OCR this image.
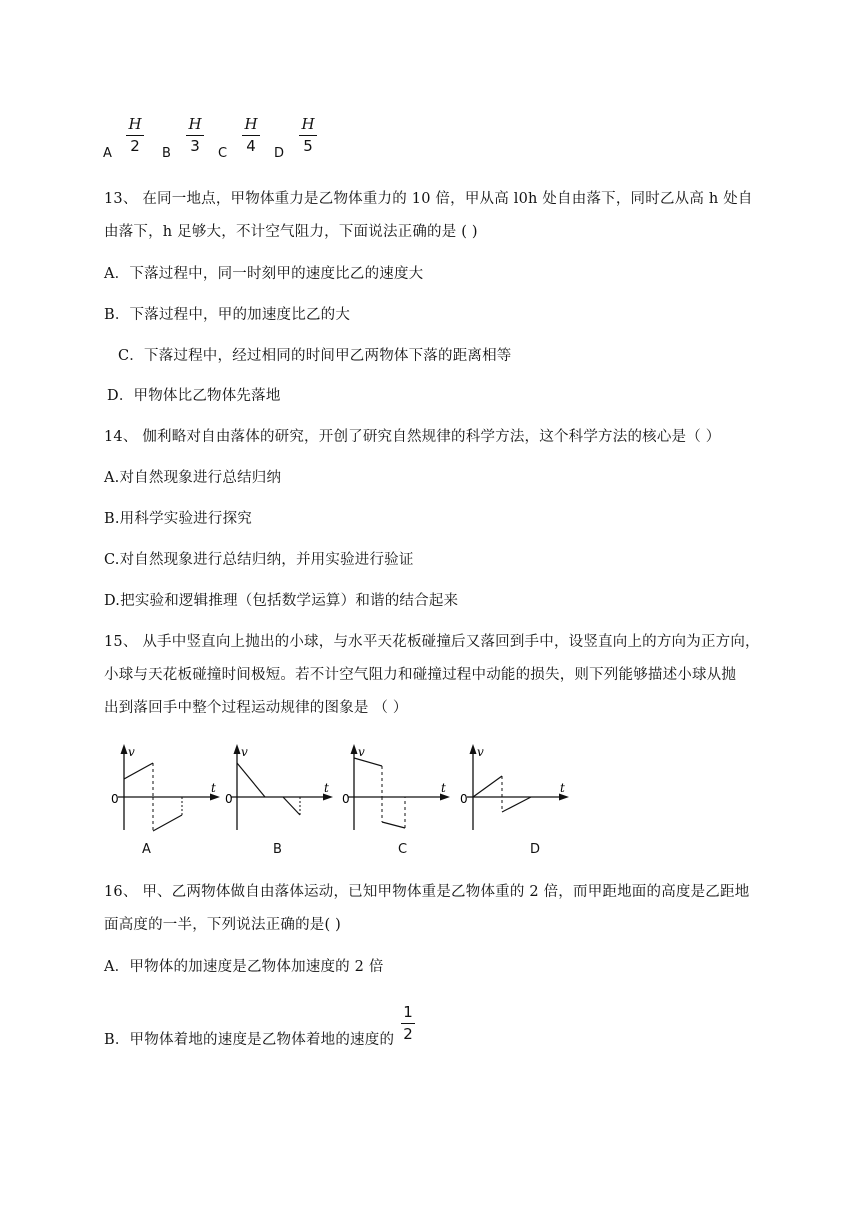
A
H
2	B
H
3	C
H
4	D
H
5
13、 在同一地点，甲物体重力是乙物体重力的 10 倍，甲从高 l0h 处自由落下，同时乙从高 h 处自
由落下，h 足够大，不计空气阻力，下面说法正确的是 ( )
A．下落过程中，同一时刻甲的速度比乙的速度大
B．下落过程中，甲的加速度比乙的大
C．下落过程中，经过相同的时间甲乙两物体下落的距离相等
D．甲物体比乙物体先落地
14、 伽利略对自由落体的研究，开创了研究自然规律的科学方法，这个科学方法的核心是（ ）
A.对自然现象进行总结归纳
B.用科学实验进行探究
C.对自然现象进行总结归纳，并用实验进行验证
D.把实验和逻辑推理（包括数学运算）和谐的结合起来
15、 从手中竖直向上抛出的小球，与水平天花板碰撞后又落回到手中，设竖直向上的方向为正方向，
小球与天花板碰撞时间极短。若不计空气阻力和碰撞过程中动能的损失，则下列能够描述小球从抛
出到落回手中整个过程运动规律的图象是 （ ）
v
t
0
v
t
0
v
t
0
v
t
0
A	B	C	D
16、 甲、乙两物体做自由落体运动，已知甲物体重是乙物体重的 2 倍，而甲距地面的高度是乙距地
面高度的一半，下列说法正确的是( )
A．甲物体的加速度是乙物体加速度的 2 倍
B．甲物体着地的速度是乙物体着地的速度的
1
2
